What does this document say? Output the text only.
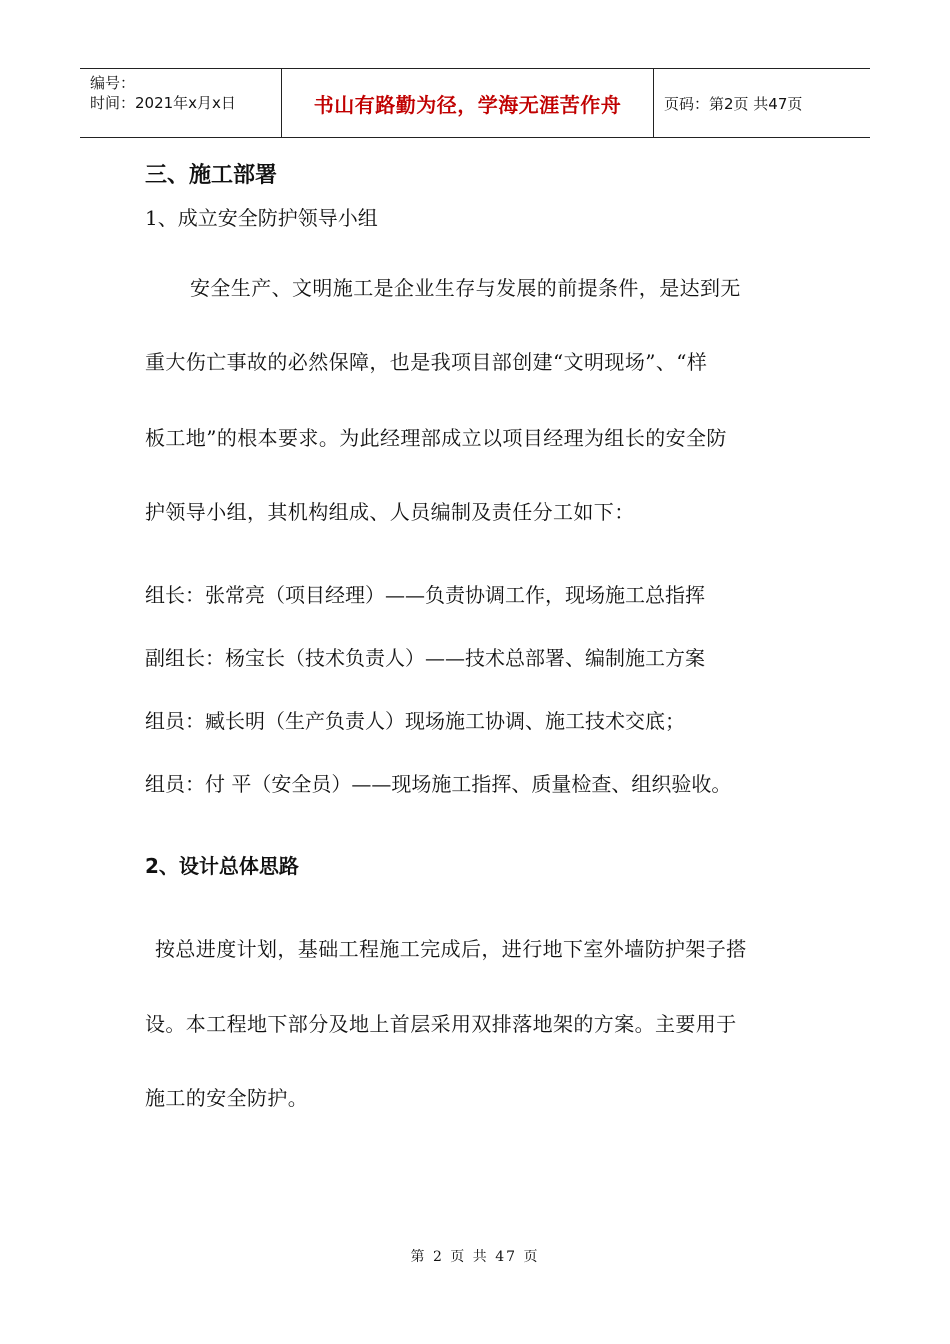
编号：
时间：2021年x月x日	书山有路勤为径，学海无涯苦作舟	页码：第2页 共47页
三、施工部署
1、成立安全防护领导小组
安全生产、文明施工是企业生存与发展的前提条件，是达到无
重大伤亡事故的必然保障，也是我项目部创建“文明现场”、“样
板工地”的根本要求。为此经理部成立以项目经理为组长的安全防
护领导小组，其机构组成、人员编制及责任分工如下：
组长：张常亮（项目经理）——负责协调工作，现场施工总指挥
副组长：杨宝长（技术负责人）——技术总部署、编制施工方案
组员：臧长明（生产负责人）现场施工协调、施工技术交底；
组员：付 平（安全员）——现场施工指挥、质量检查、组织验收。
2、设计总体思路
按总进度计划，基础工程施工完成后，进行地下室外墙防护架子搭
设。本工程地下部分及地上首层采用双排落地架的方案。主要用于
施工的安全防护。
第 2 页 共 47 页
